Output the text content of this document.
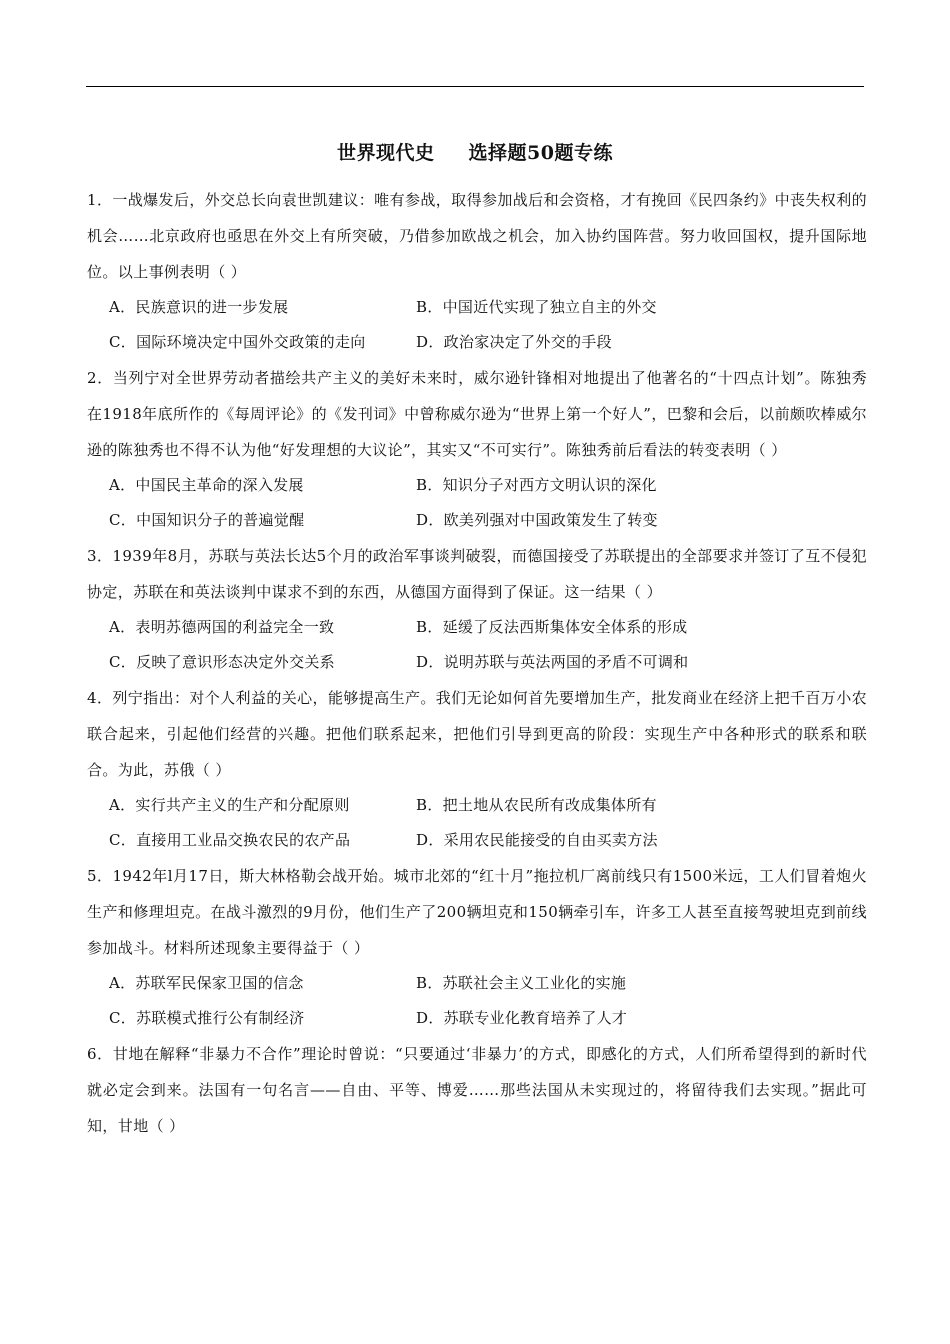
世界现代史 选择题50题专练

1．一战爆发后，外交总长向袁世凯建议：唯有参战，取得参加战后和会资格，才有挽回《民四条约》中丧失权利的机会……北京政府也亟思在外交上有所突破，乃借参加欧战之机会，加入协约国阵营。努力收回国权，提升国际地位。以上事例表明（ ）

A．民族意识的进一步发展	B．中国近代实现了独立自主的外交
C．国际环境决定中国外交政策的走向	D．政治家决定了外交的手段

2．当列宁对全世界劳动者描绘共产主义的美好未来时，威尔逊针锋相对地提出了他著名的“十四点计划”。陈独秀在1918年底所作的《每周评论》的《发刊词》中曾称威尔逊为“世界上第一个好人”，巴黎和会后，以前颇吹棒威尔逊的陈独秀也不得不认为他“好发理想的大议论”，其实又“不可实行”。陈独秀前后看法的转变表明（ ）

A．中国民主革命的深入发展	B．知识分子对西方文明认识的深化
C．中国知识分子的普遍觉醒	D．欧美列强对中国政策发生了转变

3．1939年8月，苏联与英法长达5个月的政治军事谈判破裂，而德国接受了苏联提出的全部要求并签订了互不侵犯协定，苏联在和英法谈判中谋求不到的东西，从德国方面得到了保证。这一结果（ ）

A．表明苏德两国的利益完全一致	B．延缓了反法西斯集体安全体系的形成
C．反映了意识形态决定外交关系	D．说明苏联与英法两国的矛盾不可调和

4．列宁指出：对个人利益的关心，能够提高生产。我们无论如何首先要增加生产，批发商业在经济上把千百万小农联合起来，引起他们经营的兴趣。把他们联系起来，把他们引导到更高的阶段：实现生产中各种形式的联系和联合。为此，苏俄（ ）

A．实行共产主义的生产和分配原则	B．把土地从农民所有改成集体所有
C．直接用工业品交换农民的农产品	D．采用农民能接受的自由买卖方法

5．1942年l月17日，斯大林格勒会战开始。城市北郊的“红十月”拖拉机厂离前线只有1500米远，工人们冒着炮火生产和修理坦克。在战斗激烈的9月份，他们生产了200辆坦克和150辆牵引车，许多工人甚至直接驾驶坦克到前线参加战斗。材料所述现象主要得益于（ ）

A．苏联军民保家卫国的信念	B．苏联社会主义工业化的实施
C．苏联模式推行公有制经济	D．苏联专业化教育培养了人才

6．甘地在解释“非暴力不合作”理论时曾说：“只要通过‘非暴力’的方式，即感化的方式，人们所希望得到的新时代就必定会到来。法国有一句名言——自由、平等、博爱……那些法国从未实现过的，将留待我们去实现。”据此可知，甘地（ ）
